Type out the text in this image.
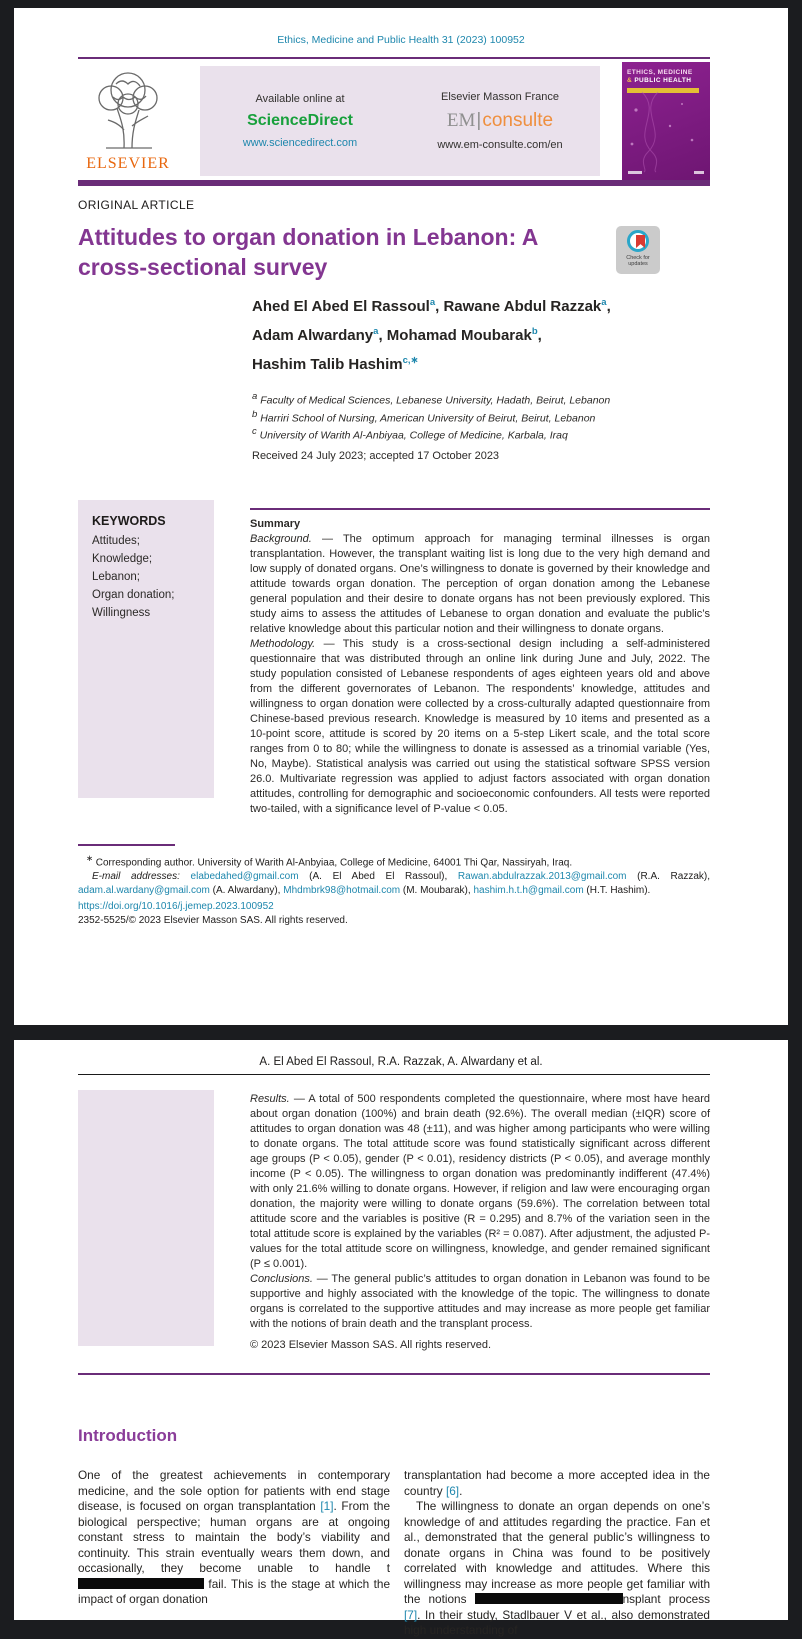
Ethics, Medicine and Public Health 31 (2023) 100952
ELSEVIER
Available online at
ScienceDirect
www.sciencedirect.com
Elsevier Masson France
EM|consulte
www.em-consulte.com/en
ETHICS, MEDICINE
& PUBLIC HEALTH
ORIGINAL ARTICLE
Attitudes to organ donation in Lebanon: A cross-sectional survey	Check for updates
Ahed El Abed El Rassoul$^a$, Rawane Abdul Razzak$^a$,
Adam Alwardany$^a$, Mohamad Moubarak$^b$,
Hashim Talib Hashim$^{c,∗}$
$^a$ Faculty of Medical Sciences, Lebanese University, Hadath, Beirut, Lebanon
$^b$ Harriri School of Nursing, American University of Beirut, Beirut, Lebanon
$^c$ University of Warith Al-Anbiyaa, College of Medicine, Karbala, Iraq
Received 24 July 2023; accepted 17 October 2023
KEYWORDS
Attitudes;
Knowledge;
Lebanon;
Organ donation;
Willingness
Summary
Background. — The optimum approach for managing terminal illnesses is organ transplantation. However, the transplant waiting list is long due to the very high demand and low supply of donated organs. One’s willingness to donate is governed by their knowledge and attitude towards organ donation. The perception of organ donation among the Lebanese general population and their desire to donate organs has not been previously explored. This study aims to assess the attitudes of Lebanese to organ donation and evaluate the public’s relative knowledge about this particular notion and their willingness to donate organs.
Methodology. — This study is a cross-sectional design including a self-administered questionnaire that was distributed through an online link during June and July, 2022. The study population consisted of Lebanese respondents of ages eighteen years old and above from the different governorates of Lebanon. The respondents’ knowledge, attitudes and willingness to organ donation were collected by a cross-culturally adapted questionnaire from Chinese-based previous research. Knowledge is measured by 10 items and presented as a 10-point score, attitude is scored by 20 items on a 5-step Likert scale, and the total score ranges from 0 to 80; while the willingness to donate is assessed as a trinomial variable (Yes, No, Maybe). Statistical analysis was carried out using the statistical software SPSS version 26.0. Multivariate regression was applied to adjust factors associated with organ donation attitudes, controlling for demographic and socioeconomic confounders. All tests were reported two-tailed, with a significance level of P-value < 0.05.
∗ Corresponding author. University of Warith Al-Anbyiaa, College of Medicine, 64001 Thi Qar, Nassiryah, Iraq.
E-mail addresses: elabedahed@gmail.com (A. El Abed El Rassoul), Rawan.abdulrazzak.2013@gmail.com (R.A. Razzak), adam.al.wardany@gmail.com (A. Alwardany), Mhdmbrk98@hotmail.com (M. Moubarak), hashim.h.t.h@gmail.com (H.T. Hashim).
https://doi.org/10.1016/j.jemep.2023.100952
2352-5525/© 2023 Elsevier Masson SAS. All rights reserved.
A. El Abed El Rassoul, R.A. Razzak, A. Alwardany et al.
Results. — A total of 500 respondents completed the questionnaire, where most have heard about organ donation (100%) and brain death (92.6%). The overall median (±IQR) score of attitudes to organ donation was 48 (±11), and was higher among participants who were willing to donate organs. The total attitude score was found statistically significant across different age groups (P < 0.05), gender (P < 0.01), residency districts (P < 0.05), and average monthly income (P < 0.05). The willingness to organ donation was predominantly indifferent (47.4%) with only 21.6% willing to donate organs. However, if religion and law were encouraging organ donation, the majority were willing to donate organs (59.6%). The correlation between total attitude score and the variables is positive (R = 0.295) and 8.7% of the variation seen in the total attitude score is explained by the variables (R² = 0.087). After adjustment, the adjusted P-values for the total attitude score on willingness, knowledge, and gender remained significant (P ≤ 0.001).
Conclusions. — The general public’s attitudes to organ donation in Lebanon was found to be supportive and highly associated with the knowledge of the topic. The willingness to donate organs is correlated to the supportive attitudes and may increase as more people get familiar with the notions of brain death and the transplant process.
© 2023 Elsevier Masson SAS. All rights reserved.
Introduction

One of the greatest achievements in contemporary medicine, and the sole option for patients with end stage disease, is focused on organ transplantation [1]. From the biological perspective; human organs are at ongoing constant stress to maintain the body’s viability and continuity. This strain eventually wears them down, and occasionally, they become unable to handle t fail. This is the stage at which the impact of organ donation

transplantation had become a more accepted idea in the country [6].

The willingness to donate an organ depends on one’s knowledge of and attitudes regarding the practice. Fan et al., demonstrated that the general public’s willingness to donate organs in China was found to be positively correlated with knowledge and attitudes. Where this willingness may increase as more people get familiar with the notions	nsplant process [7]. In their study, Stadlbauer V et al., also demonstrated high understanding of
